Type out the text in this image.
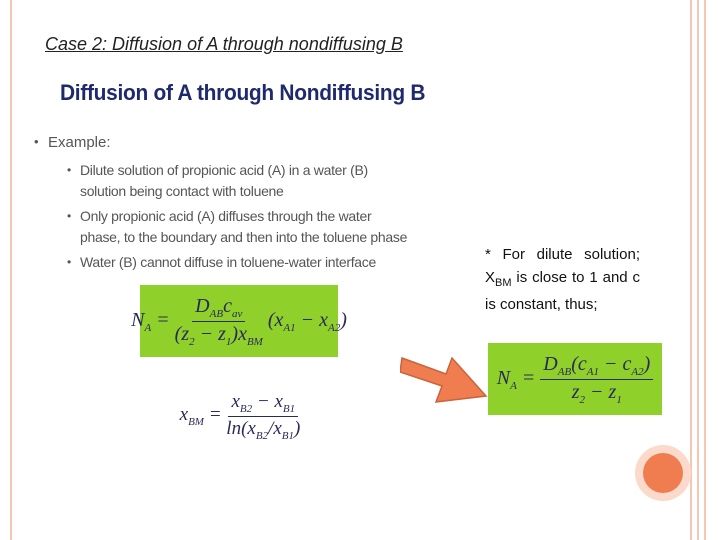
Case 2: Diffusion of A through nondiffusing B
Diffusion of A through Nondiffusing B
• Example:
• Dilute solution of propionic acid (A) in a water (B) solution being contact with toluene
• Only propionic acid (A) diffuses through the water phase, to the boundary and then into the toluene phase
• Water (B) cannot diffuse in toluene-water interface
$N_A = \frac{D_{AB}c_{av}}{(z_2 - z_1)x_{BM}} (x_{A1} - x_{A2})$
$x_{BM} = \frac{x_{B2} - x_{B1}}{\ln(x_{B2}/x_{B1})}$
* For dilute solution; $X_{BM}$ is close to 1 and c is constant, thus;
$N_A = \frac{D_{AB}(c_{A1} - c_{A2})}{z_2 - z_1}$
